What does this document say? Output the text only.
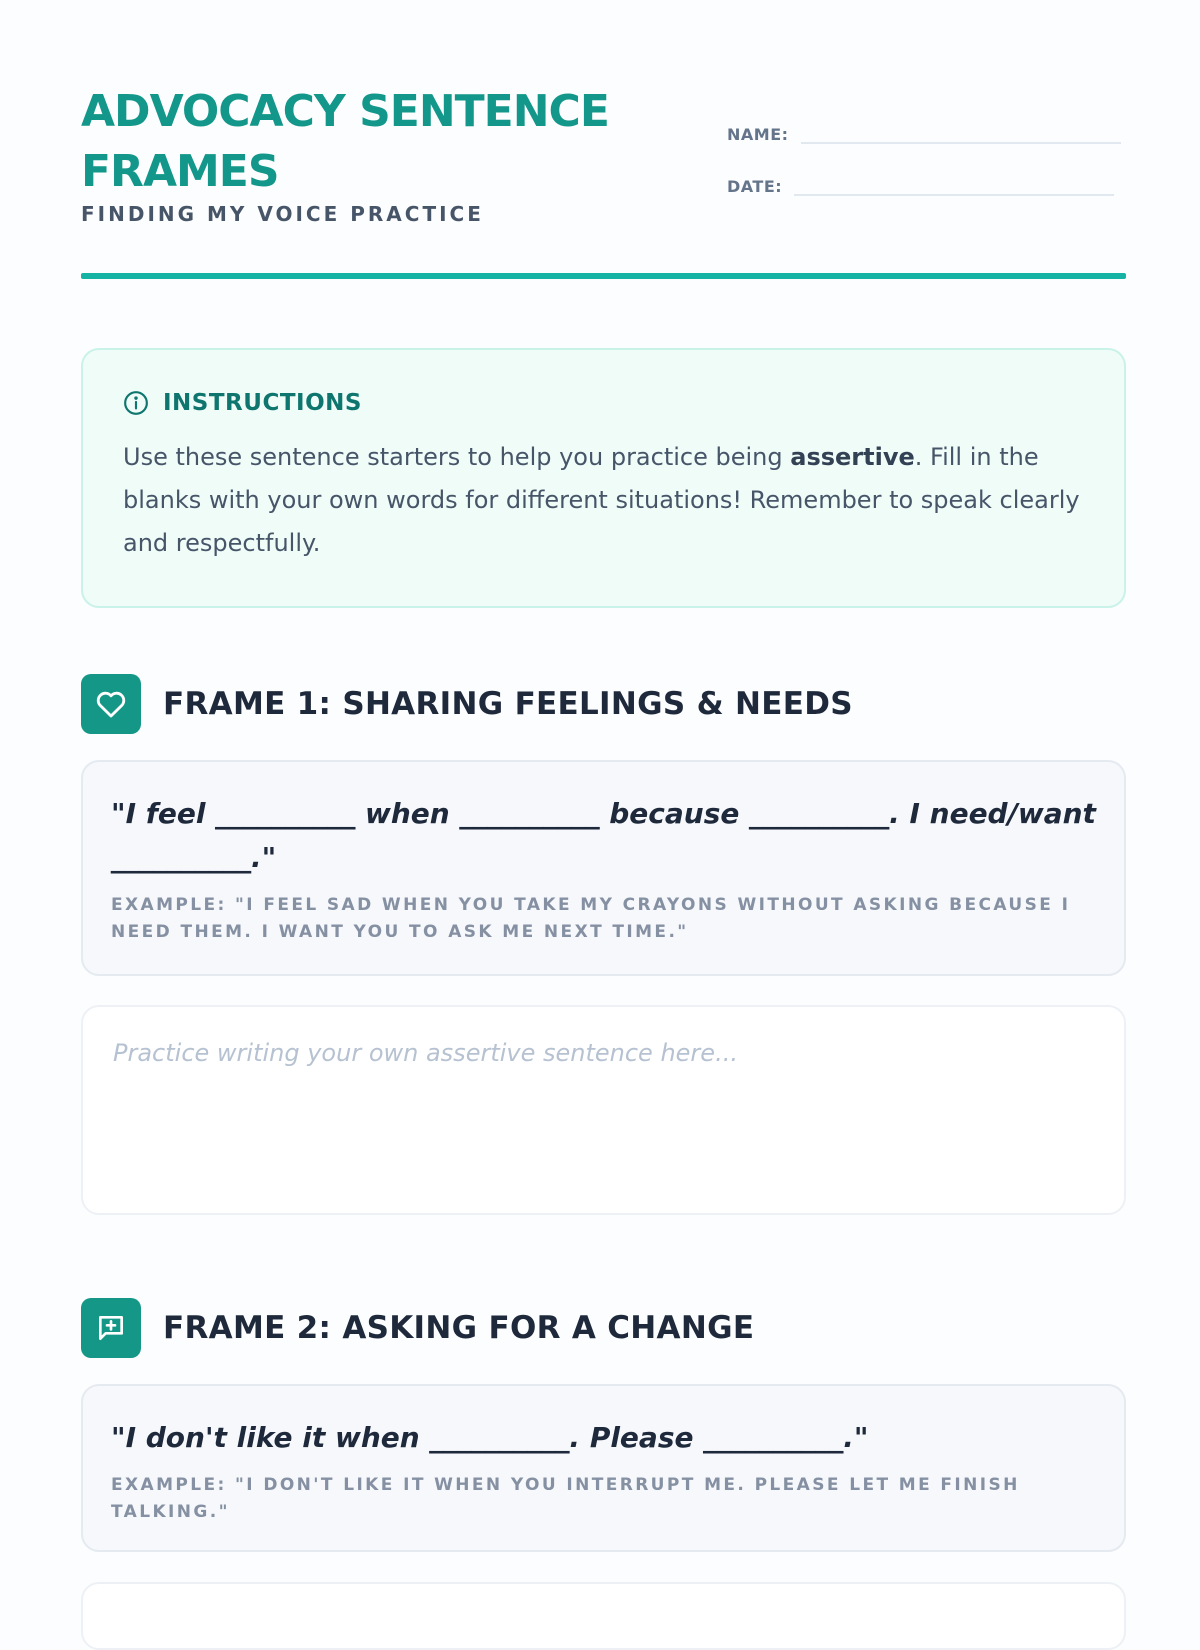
ADVOCACY SENTENCE FRAMES
FINDING MY VOICE PRACTICE
NAME:
DATE:
INSTRUCTIONS
Use these sentence starters to help you practice being assertive. Fill in the blanks with your own words for different situations! Remember to speak clearly and respectfully.
FRAME 1: SHARING FEELINGS & NEEDS
"I feel __________ when __________ because __________. I need/want __________."
EXAMPLE: "I FEEL SAD WHEN YOU TAKE MY CRAYONS WITHOUT ASKING BECAUSE I NEED THEM. I WANT YOU TO ASK ME NEXT TIME."
Practice writing your own assertive sentence here...
FRAME 2: ASKING FOR A CHANGE
"I don't like it when __________. Please __________."
EXAMPLE: "I DON'T LIKE IT WHEN YOU INTERRUPT ME. PLEASE LET ME FINISH TALKING."
